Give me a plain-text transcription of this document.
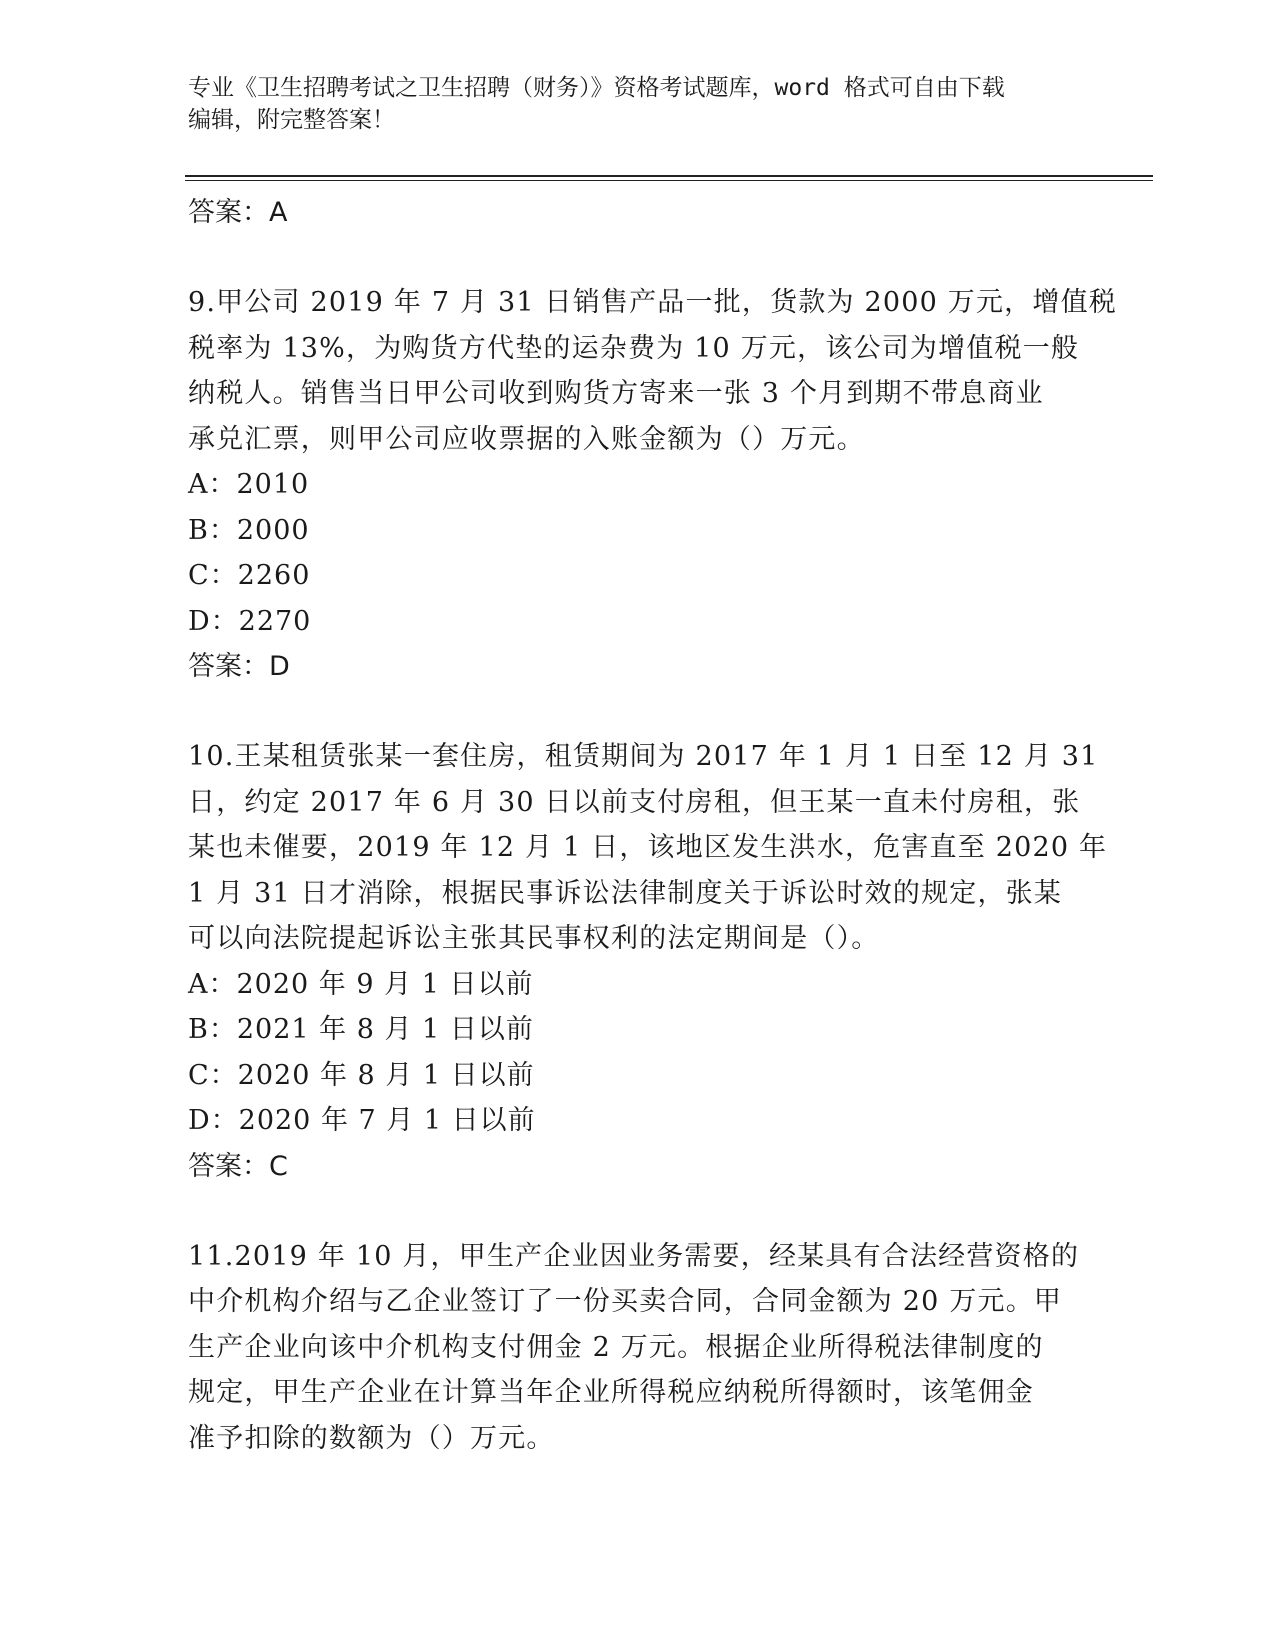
专业《卫生招聘考试之卫生招聘（财务）》资格考试题库，word 格式可自由下载
编辑，附完整答案！
答案：A
9.甲公司 2019 年 7 月 31 日销售产品一批，货款为 2000 万元，增值税
税率为 13%，为购货方代垫的运杂费为 10 万元，该公司为增值税一般
纳税人。销售当日甲公司收到购货方寄来一张 3 个月到期不带息商业
承兑汇票，则甲公司应收票据的入账金额为（）万元。
A：2010
B：2000
C：2260
D：2270
答案：D
10.王某租赁张某一套住房，租赁期间为 2017 年 1 月 1 日至 12 月 31
日，约定 2017 年 6 月 30 日以前支付房租，但王某一直未付房租，张
某也未催要，2019 年 12 月 1 日，该地区发生洪水，危害直至 2020 年
1 月 31 日才消除，根据民事诉讼法律制度关于诉讼时效的规定，张某
可以向法院提起诉讼主张其民事权利的法定期间是（）。
A：2020 年 9 月 1 日以前
B：2021 年 8 月 1 日以前
C：2020 年 8 月 1 日以前
D：2020 年 7 月 1 日以前
答案：C
11.2019 年 10 月，甲生产企业因业务需要，经某具有合法经营资格的
中介机构介绍与乙企业签订了一份买卖合同，合同金额为 20 万元。甲
生产企业向该中介机构支付佣金 2 万元。根据企业所得税法律制度的
规定，甲生产企业在计算当年企业所得税应纳税所得额时，该笔佣金
准予扣除的数额为（）万元。
